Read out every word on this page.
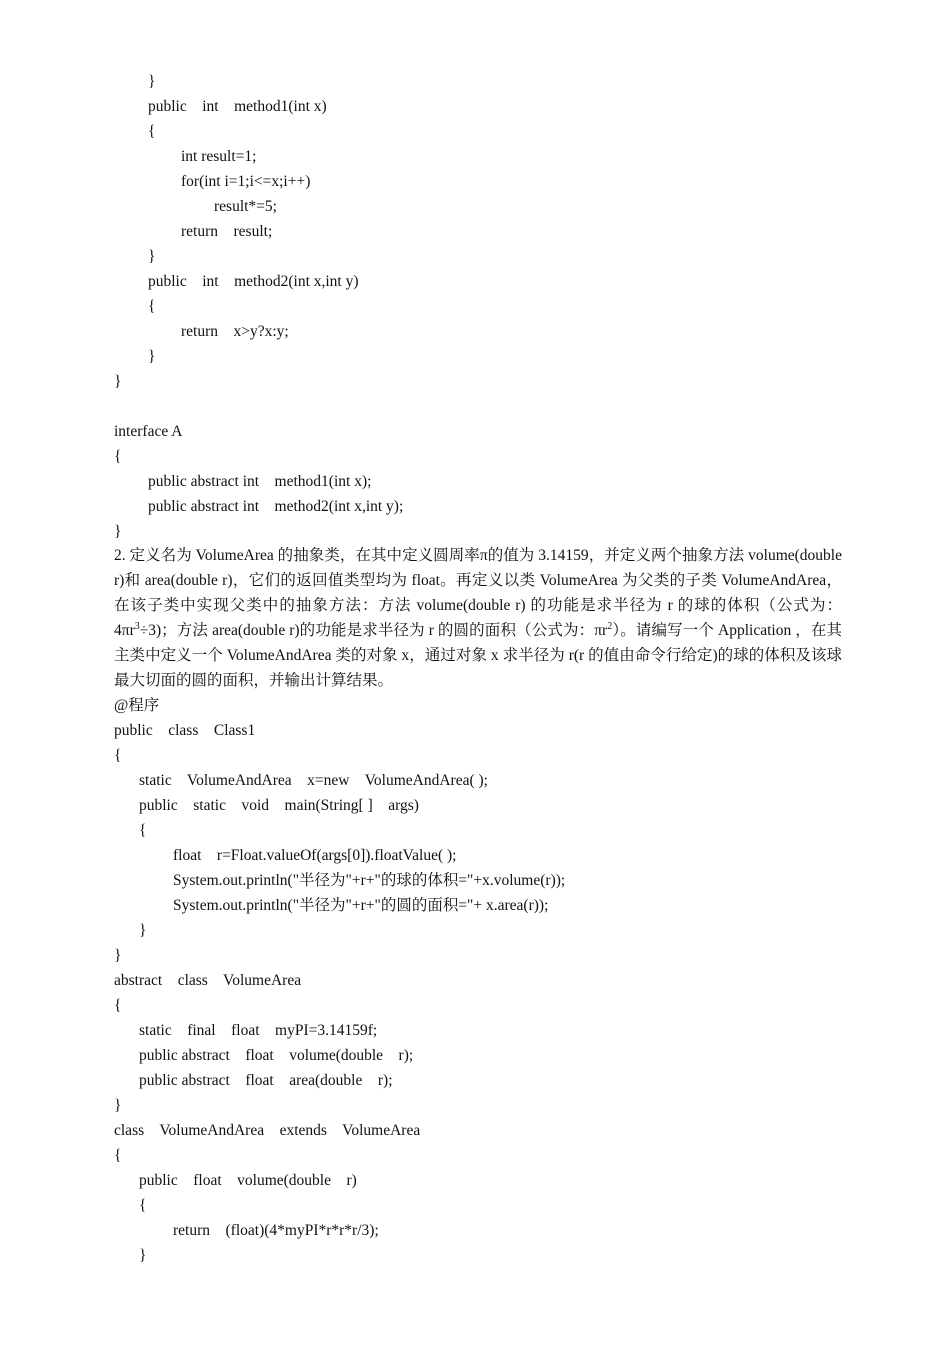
}
public    int    method1(int x)
{
int result=1;
for(int i=1;i<=x;i++)
result*=5;
return    result;
}
public    int    method2(int x,int y)
{
return    x>y?x:y;
}
}
interface A
{
public abstract int    method1(int x);
public abstract int    method2(int x,int y);
}
2. 定义名为 VolumeArea 的抽象类，在其中定义圆周率π的值为 3.14159，并定义两个抽象方法 volume(double r)和 area(double r)，它们的返回值类型均为 float。再定义以类 VolumeArea 为父类的子类 VolumeAndArea，在该子类中实现父类中的抽象方法：方法 volume(double r) 的功能是求半径为 r 的球的体积（公式为：$4\pi r^3\div 3$)；方法 area(double r)的功能是求半径为 r 的圆的面积（公式为：$\pi r^2$）。请编写一个 Application ，在其主类中定义一个 VolumeAndArea 类的对象 x，通过对象 x 求半径为 r(r 的值由命令行给定)的球的体积及该球最大切面的圆的面积，并输出计算结果。
@程序
public    class    Class1
{
static    VolumeAndArea    x=new    VolumeAndArea( );
public    static    void    main(String[ ]    args)
{
float    r=Float.valueOf(args[0]).floatValue( );
System.out.println("半径为"+r+"的球的体积="+x.volume(r));
System.out.println("半径为"+r+"的圆的面积="+ x.area(r));
}
}
abstract    class    VolumeArea
{
static    final    float    myPI=3.14159f;
public abstract    float    volume(double    r);
public abstract    float    area(double    r);
}
class    VolumeAndArea    extends    VolumeArea
{
public    float    volume(double    r)
{
return    (float)(4*myPI*r*r*r/3);
}
